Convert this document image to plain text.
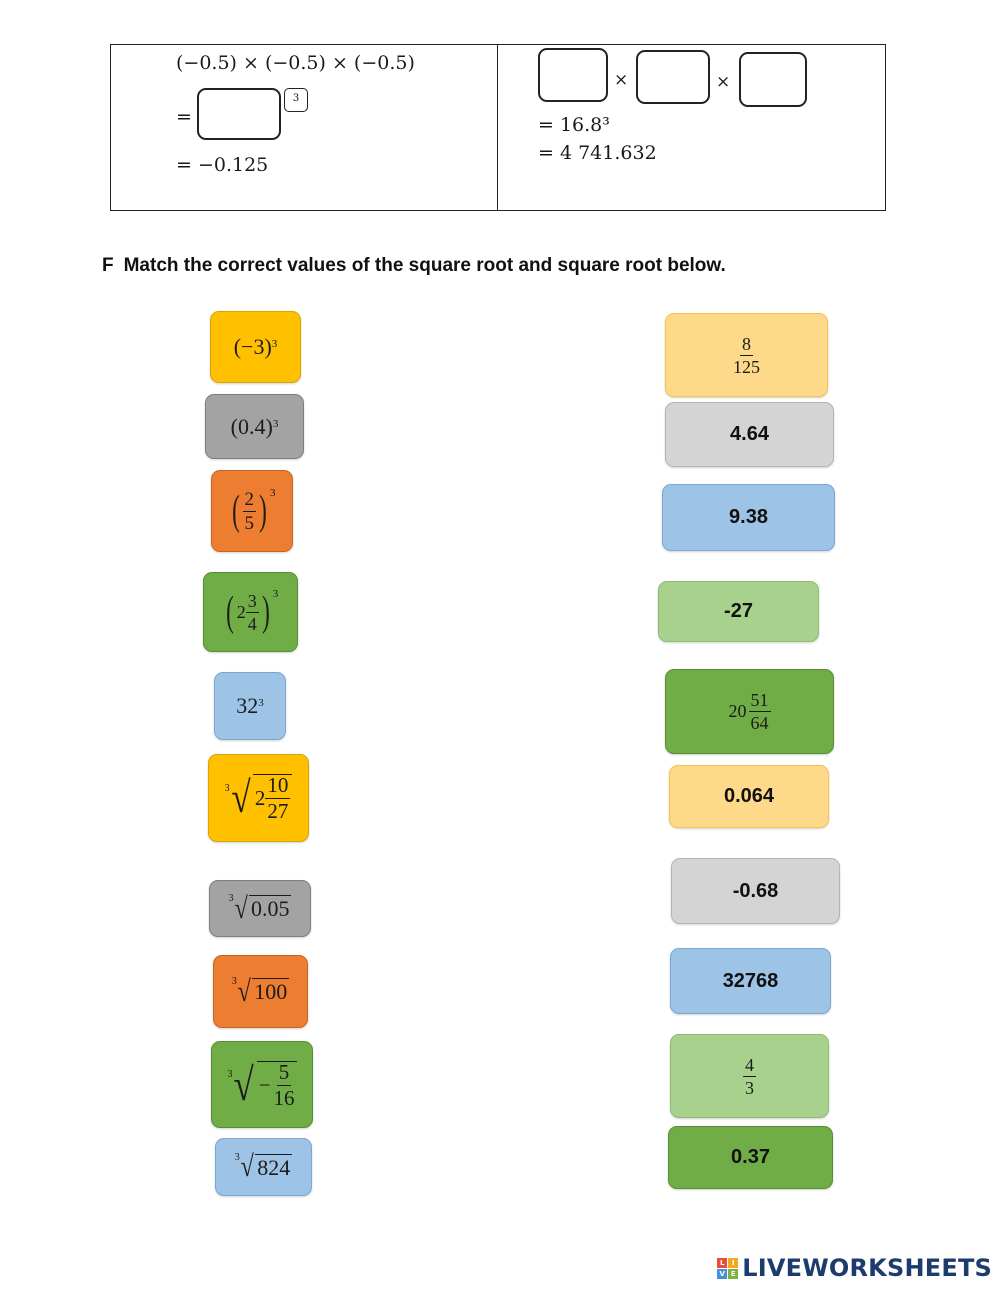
(−0.5) × (−0.5) × (−0.5)
=
3
= −0.125
×	×
= 16.8³
= 4 741.632
F Match the correct values of the square root and square root below.
$(-3)^3$
$(0.4)^3$
( $\frac{2}{5}$ ) $^3$
( $2 \frac{3}{4}$ ) $^3$
$32^3$
3 √ $2 \frac{10}{27}$
3 √ 0.05
3 √ 100
3 √ − $\frac{5}{16}$
3 √ 824
$\frac{8}{125}$
4.64
9.38
-27
$20 \frac{51}{64}$
0.064
-0.68
32768
$\frac{4}{3}$
0.37
L	I
V E LIVEWORKSHEETS
